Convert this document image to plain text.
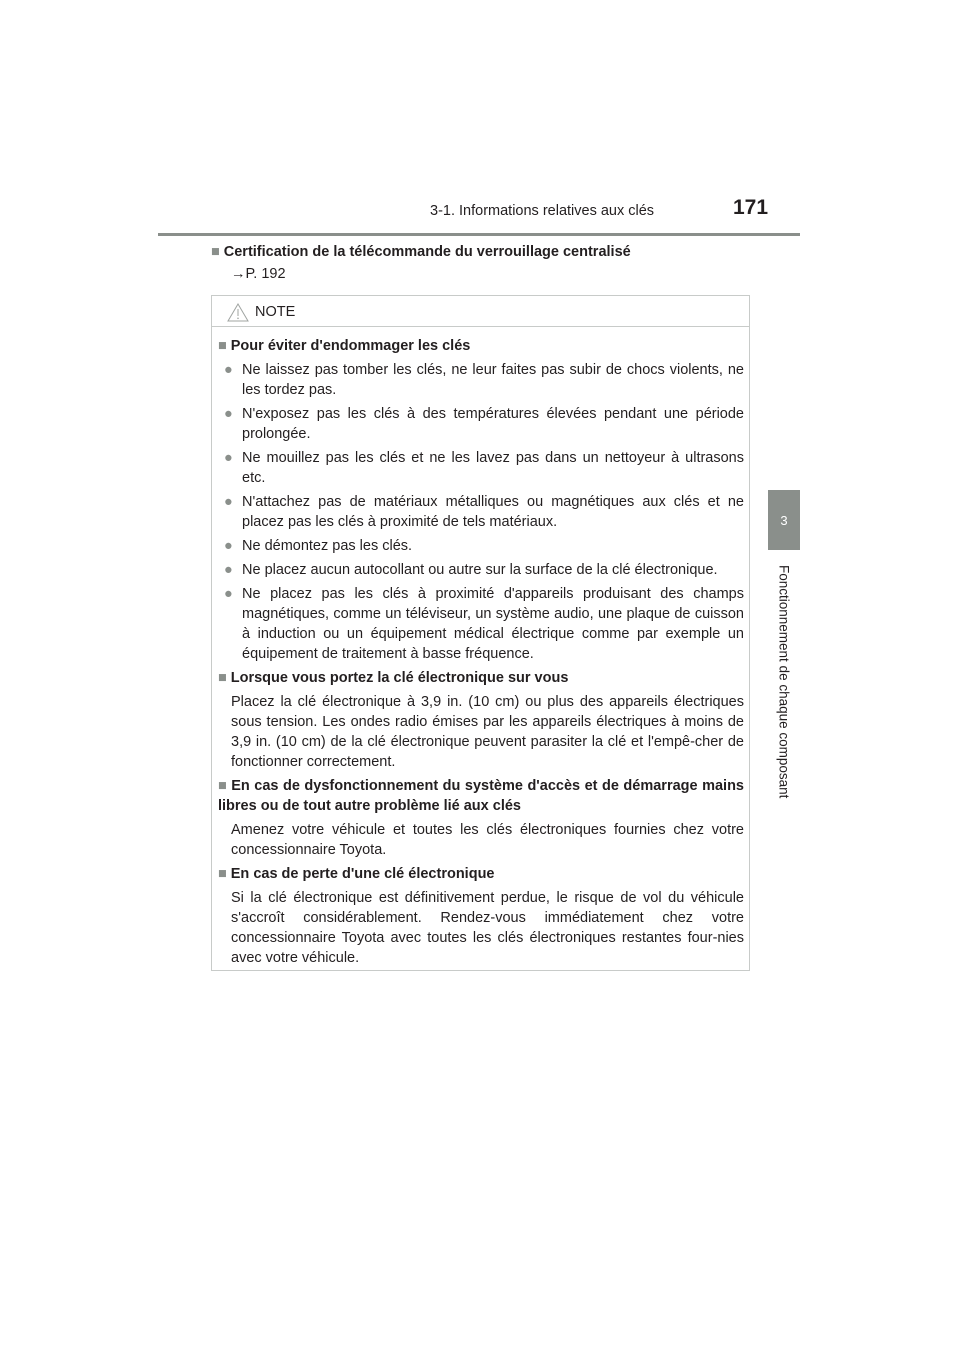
3-1. Informations relatives aux clés	171
3
Fonctionnement de chaque composant
■ Certification de la télécommande du verrouillage centralisé
→P. 192
NOTE
■ Pour éviter d'endommager les clés
● Ne laissez pas tomber les clés, ne leur faites pas subir de chocs violents, ne les tordez pas.
● N'exposez pas les clés à des températures élevées pendant une période prolongée.
● Ne mouillez pas les clés et ne les lavez pas dans un nettoyeur à ultrasons etc.
● N'attachez pas de matériaux métalliques ou magnétiques aux clés et ne placez pas les clés à proximité de tels matériaux.
● Ne démontez pas les clés.
● Ne placez aucun autocollant ou autre sur la surface de la clé électronique.
● Ne placez pas les clés à proximité d'appareils produisant des champs magnétiques, comme un téléviseur, un système audio, une plaque de cuisson à induction ou un équipement médical électrique comme par exemple un équipement de traitement à basse fréquence.
■ Lorsque vous portez la clé électronique sur vous
Placez la clé électronique à 3,9 in. (10 cm) ou plus des appareils électriques sous tension. Les ondes radio émises par les appareils électriques à moins de 3,9 in. (10 cm) de la clé électronique peuvent parasiter la clé et l'empê-cher de fonctionner correctement.
■ En cas de dysfonctionnement du système d'accès et de démarrage mains libres ou de tout autre problème lié aux clés
Amenez votre véhicule et toutes les clés électroniques fournies chez votre concessionnaire Toyota.
■ En cas de perte d'une clé électronique
Si la clé électronique est définitivement perdue, le risque de vol du véhicule s'accroît considérablement. Rendez-vous immédiatement chez votre concessionnaire Toyota avec toutes les clés électroniques restantes four-nies avec votre véhicule.
